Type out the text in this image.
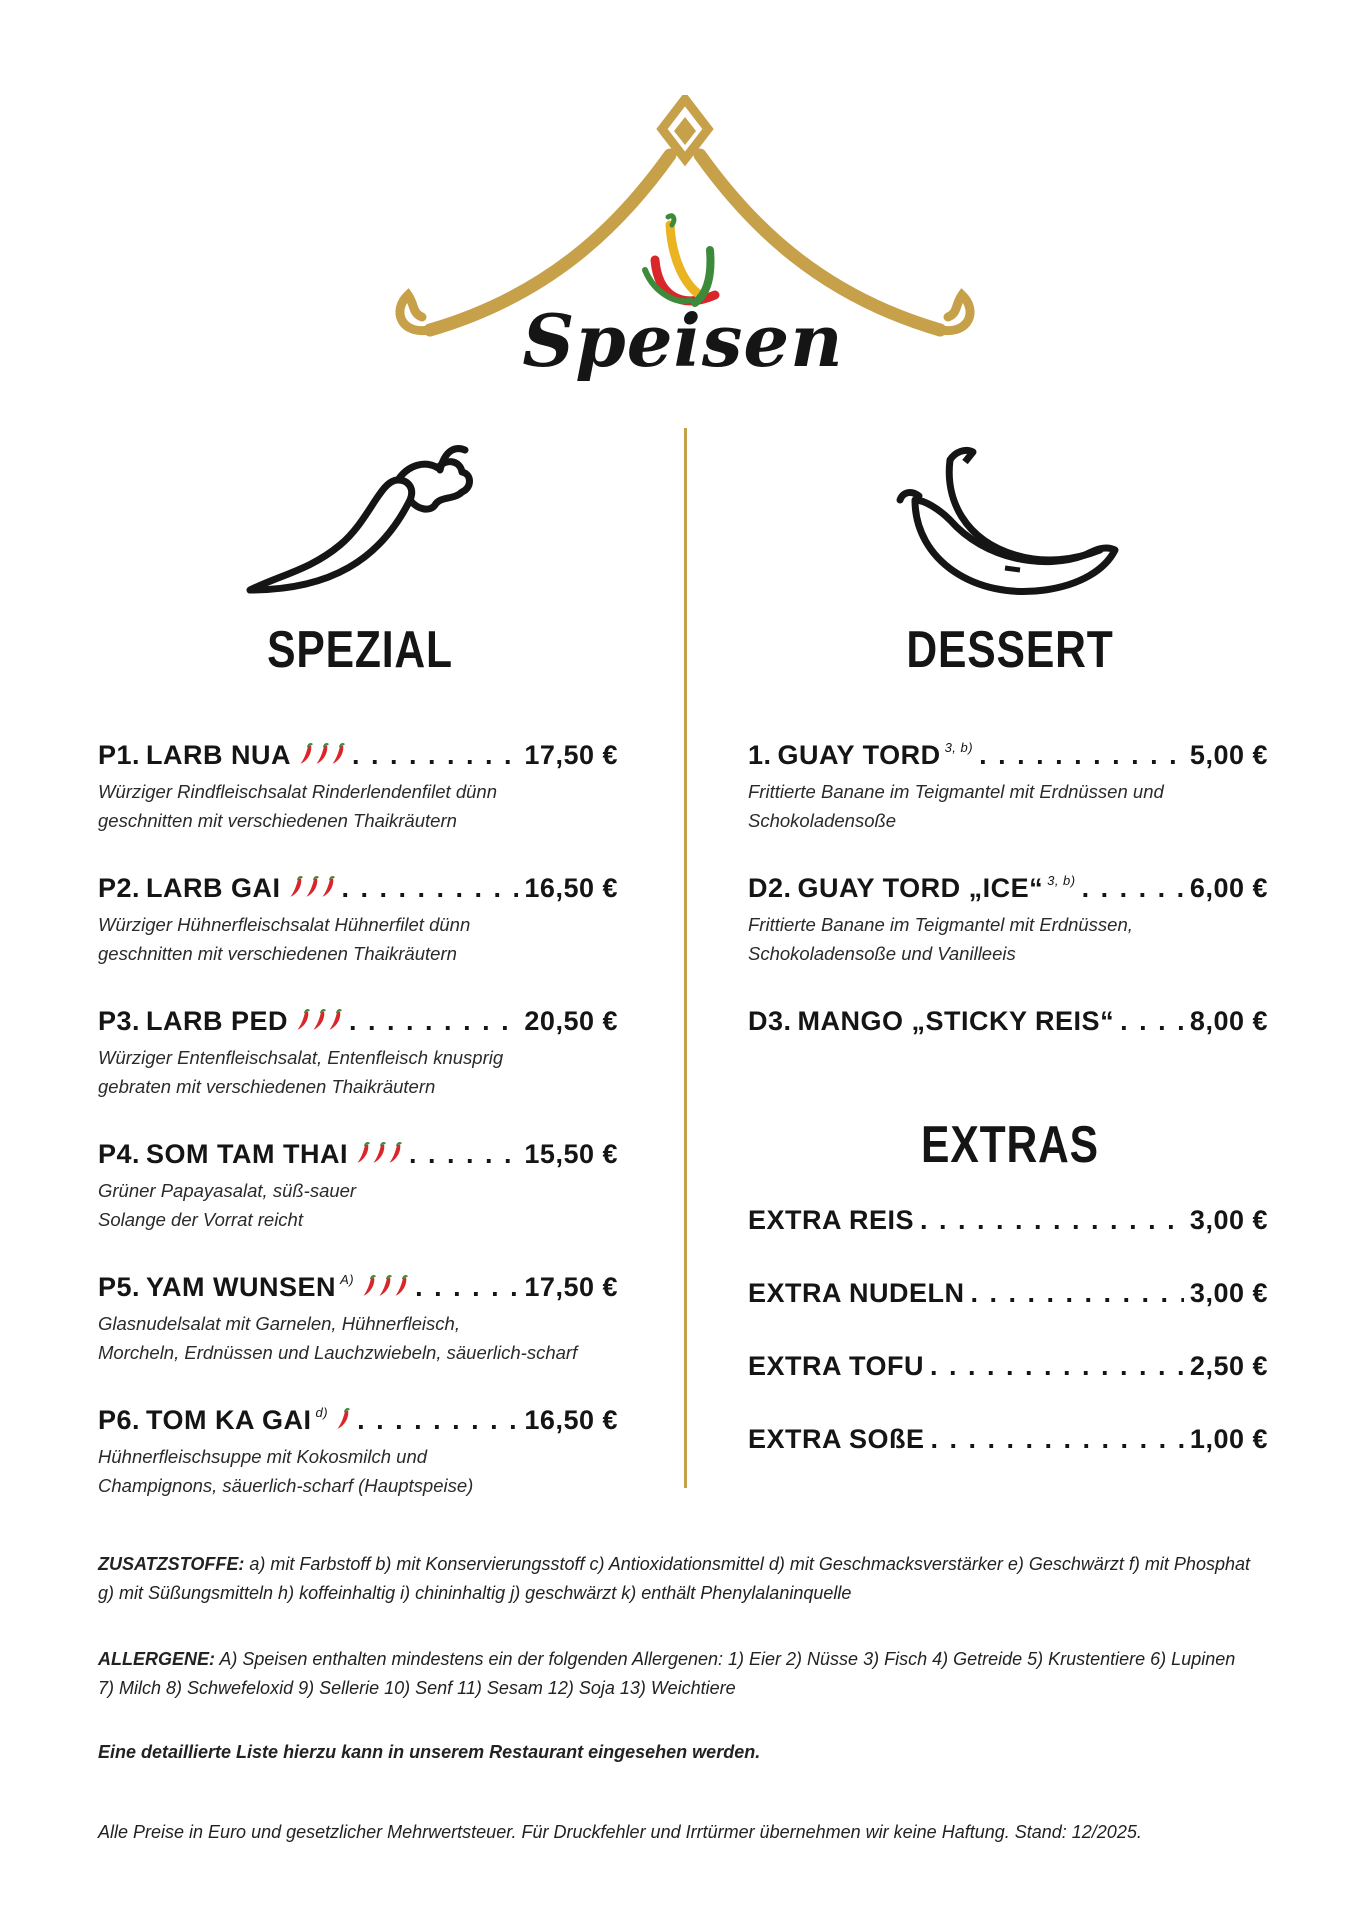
Speisen
SPEZIAL
P1. LARB NUA . . .	17,50 €
Würziger Rindfleischsalat Rinderlendenfilet dünn
geschnitten mit verschiedenen Thaikräutern
P2. LARB GAI . . .	16,50 €
Würziger Hühnerfleischsalat Hühnerfilet dünn
geschnitten mit verschiedenen Thaikräutern
P3. LARB PED . . .	20,50 €
Würziger Entenfleischsalat, Entenfleisch knusprig
gebraten mit verschiedenen Thaikräutern
P4. SOM TAM THAI . . .	15,50 €
Grüner Papayasalat, süß-sauer
Solange der Vorrat reicht
P5. YAM WUNSEN A) . . .	17,50 €
Glasnudelsalat mit Garnelen, Hühnerfleisch,
Morcheln, Erdnüssen und Lauchzwiebeln, säuerlich-scharf
P6. TOM KA GAI d) . . .	16,50 €
Hühnerfleischsuppe mit Kokosmilch und
Champignons, säuerlich-scharf (Hauptspeise)
DESSERT
1. GUAY TORD 3, b) . . .	5,00 €
Frittierte Banane im Teigmantel mit Erdnüssen und
Schokoladensoße
D2. GUAY TORD „ICE“ 3, b) . . .	6,00 €
Frittierte Banane im Teigmantel mit Erdnüssen,
Schokoladensoße und Vanilleeis
D3. MANGO „STICKY REIS“ . . .	8,00 €
EXTRAS
EXTRA REIS . . .	3,00 €
EXTRA NUDELN . . .	3,00 €
EXTRA TOFU . . .	2,50 €
EXTRA SOßE . . .	1,00 €
ZUSATZSTOFFE: a) mit Farbstoff b) mit Konservierungsstoff c) Antioxidationsmittel d) mit Geschmacksverstärker e) Geschwärzt f) mit Phosphat
g) mit Süßungsmitteln h) koffeinhaltig i) chininhaltig j) geschwärzt k) enthält Phenylalaninquelle
ALLERGENE: A) Speisen enthalten mindestens ein der folgenden Allergenen: 1) Eier 2) Nüsse 3) Fisch 4) Getreide 5) Krustentiere 6) Lupinen
7) Milch 8) Schwefeloxid 9) Sellerie 10) Senf 11) Sesam 12) Soja 13) Weichtiere
Eine detaillierte Liste hierzu kann in unserem Restaurant eingesehen werden.
Alle Preise in Euro und gesetzlicher Mehrwertsteuer. Für Druckfehler und Irrtürmer übernehmen wir keine Haftung. Stand: 12/2025.
